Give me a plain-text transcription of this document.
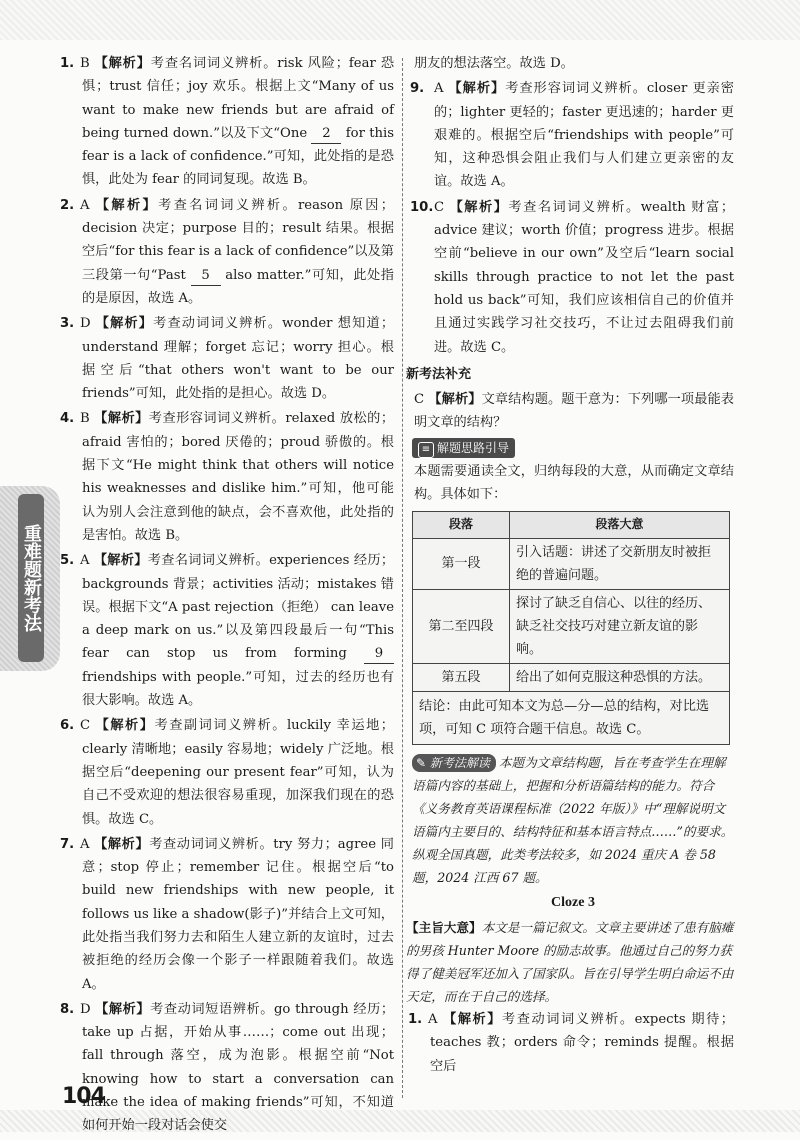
重难题新考法
1. B 【解析】考查名词词义辨析。risk 风险；fear 恐惧；trust 信任；joy 欢乐。根据上文“Many of us want to make new friends but are afraid of being turned down.”以及下文“One 2 for this fear is a lack of confidence.”可知，此处指的是恐惧，此处为 fear 的同词复现。故选 B。
2. A 【解析】考查名词词义辨析。reason 原因；decision 决定；purpose 目的；result 结果。根据空后“for this fear is a lack of confidence”以及第三段第一句“Past 5 also matter.”可知，此处指的是原因，故选 A。
3. D 【解析】考查动词词义辨析。wonder 想知道；understand 理解；forget 忘记；worry 担心。根据空后“that others won't want to be our friends”可知，此处指的是担心。故选 D。
4. B 【解析】考查形容词词义辨析。relaxed 放松的；afraid 害怕的；bored 厌倦的；proud 骄傲的。根据下文“He might think that others will notice his weaknesses and dislike him.”可知，他可能认为别人会注意到他的缺点，会不喜欢他，此处指的是害怕。故选 B。
5. A 【解析】考查名词词义辨析。experiences 经历；backgrounds 背景；activities 活动；mistakes 错误。根据下文“A past rejection（拒绝） can leave a deep mark on us.”以及第四段最后一句“This fear can stop us from forming 9 friendships with people.”可知，过去的经历也有很大影响。故选 A。
6. C 【解析】考查副词词义辨析。luckily 幸运地；clearly 清晰地；easily 容易地；widely 广泛地。根据空后“deepening our present fear”可知，认为自己不受欢迎的想法很容易重现，加深我们现在的恐惧。故选 C。
7. A 【解析】考查动词词义辨析。try 努力；agree 同意；stop 停止；remember 记住。根据空后“to build new friendships with new people, it follows us like a shadow(影子)”并结合上文可知，此处指当我们努力去和陌生人建立新的友谊时，过去被拒绝的经历会像一个影子一样跟随着我们。故选 A。
8. D 【解析】考查动词短语辨析。go through 经历；take up 占据，开始从事……；come out 出现；fall through 落空，成为泡影。根据空前“Not knowing how to start a conversation can make the idea of making friends”可知，不知道如何开始一段对话会使交
朋友的想法落空。故选 D。
9. A 【解析】考查形容词词义辨析。closer 更亲密的；lighter 更轻的；faster 更迅速的；harder 更艰难的。根据空后“friendships with people”可知，这种恐惧会阻止我们与人们建立更亲密的友谊。故选 A。
10.C 【解析】考查名词词义辨析。wealth 财富；advice 建议；worth 价值；progress 进步。根据空前“believe in our own”及空后“learn social skills through practice to not let the past hold us back”可知，我们应该相信自己的价值并且通过实践学习社交技巧，不让过去阻碍我们前进。故选 C。
新考法补充
C 【解析】文章结构题。题干意为：下列哪一项最能表明文章的结构？
≡ 解题思路引导
本题需要通读全文，归纳每段的大意，从而确定文章结构。具体如下：
段落	段落大意
第一段	引入话题：讲述了交新朋友时被拒绝的普遍问题。
第二至四段	探讨了缺乏自信心、以往的经历、缺乏社交技巧对建立新友谊的影响。
第五段	给出了如何克服这种恐惧的方法。
结论：由此可知本文为总—分—总的结构，对比选项，可知 C 项符合题干信息。故选 C。
✎ 新考法解读 本题为文章结构题，旨在考查学生在理解语篇内容的基础上，把握和分析语篇结构的能力。符合《义务教育英语课程标准（2022 年版）》中“理解说明文语篇内主要目的、结构特征和基本语言特点……”的要求。纵观全国真题，此类考法较多，如 2024 重庆 A 卷 58 题，2024 江西 67 题。
Cloze 3
【主旨大意】本文是一篇记叙文。文章主要讲述了患有脑瘫的男孩 Hunter Moore 的励志故事。他通过自己的努力获得了健美冠军还加入了国家队。旨在引导学生明白命运不由天定，而在于自己的选择。
1. A 【解析】考查动词词义辨析。expects 期待；teaches 教；orders 命令；reminds 提醒。根据空后
104
